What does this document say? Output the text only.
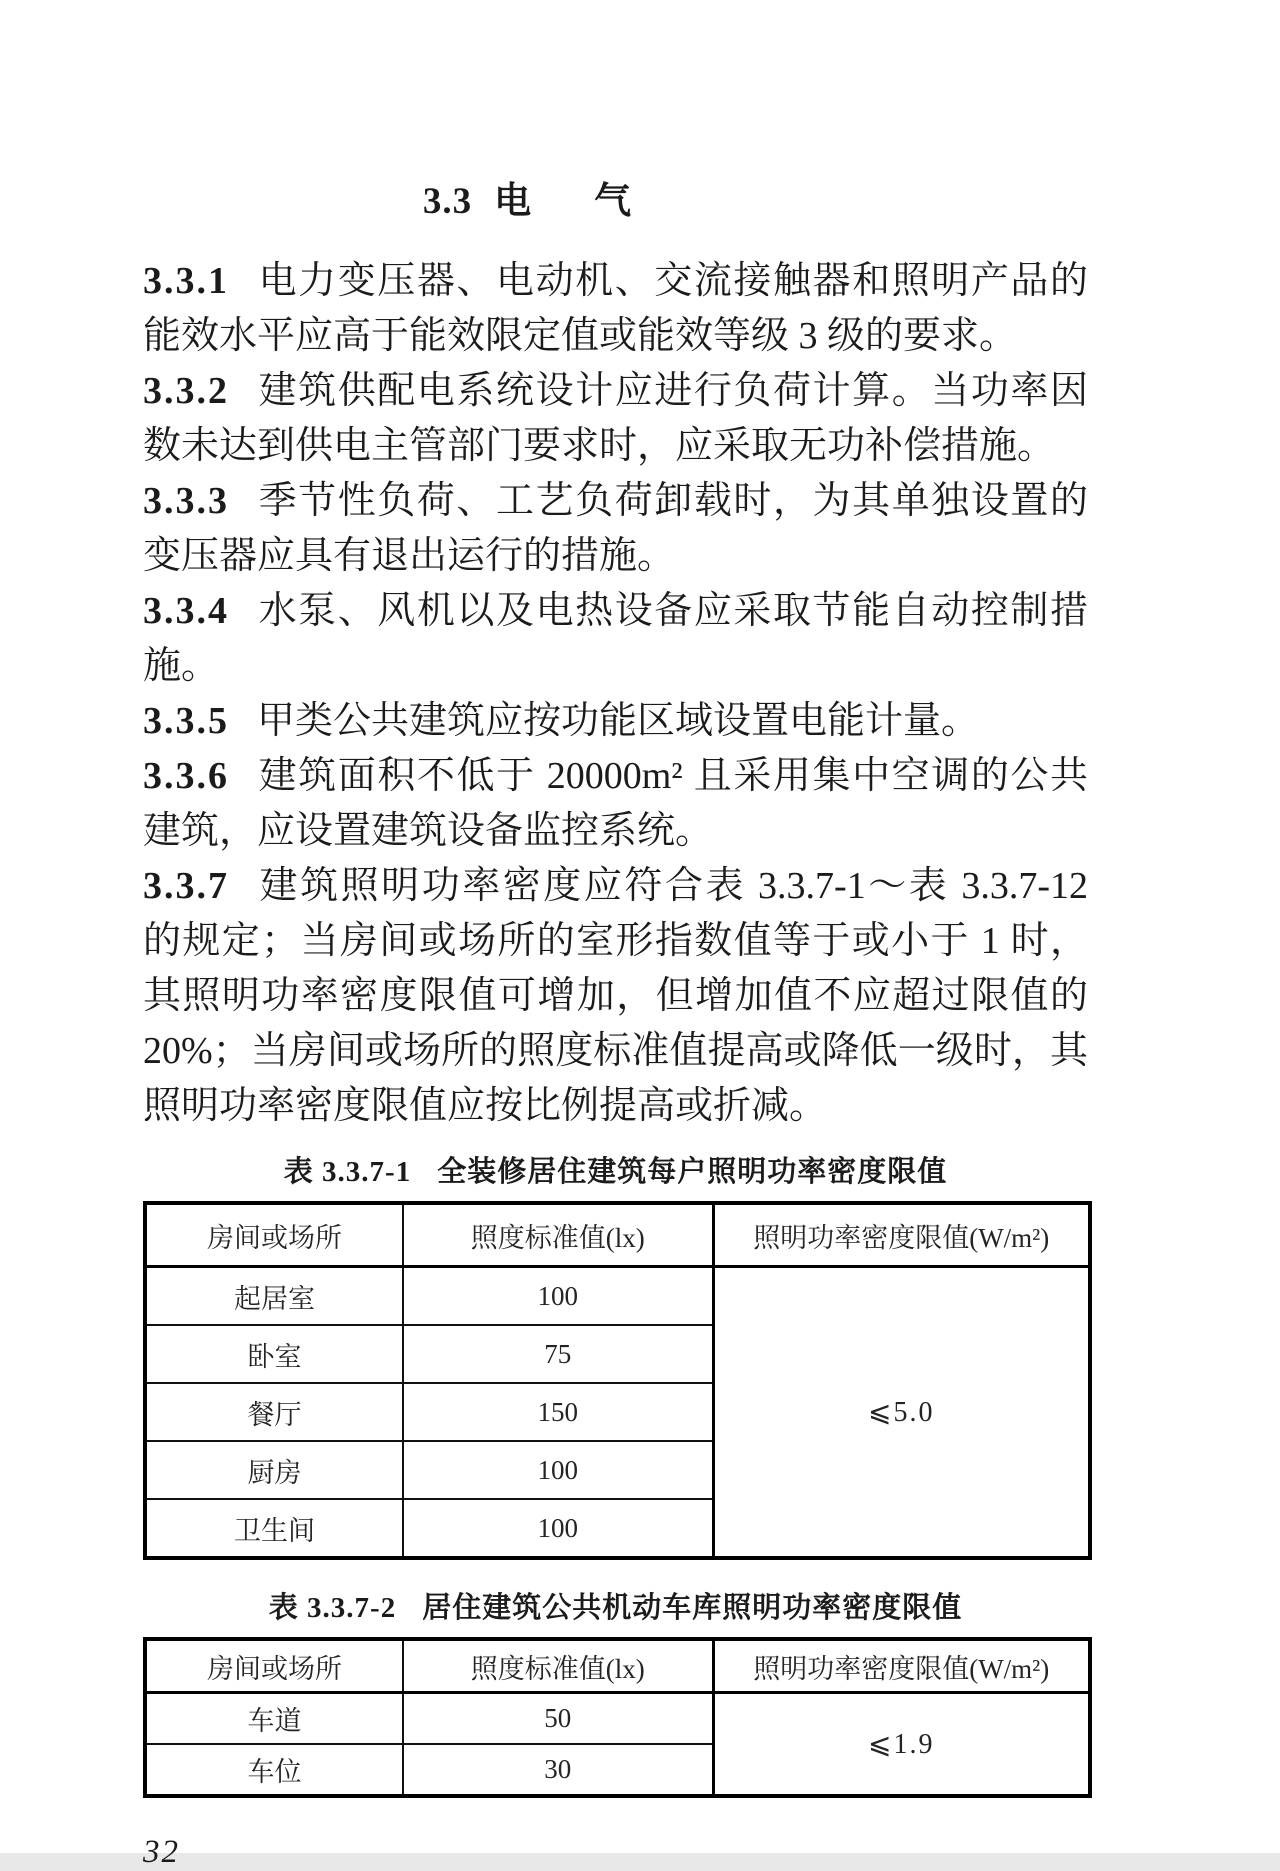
3.3 电 气

3.3.1 电力变压器、电动机、交流接触器和照明产品的能效水平应高于能效限定值或能效等级 3 级的要求。

3.3.2 建筑供配电系统设计应进行负荷计算。当功率因数未达到供电主管部门要求时，应采取无功补偿措施。

3.3.3 季节性负荷、工艺负荷卸载时，为其单独设置的变压器应具有退出运行的措施。

3.3.4 水泵、风机以及电热设备应采取节能自动控制措施。

3.3.5 甲类公共建筑应按功能区域设置电能计量。

3.3.6 建筑面积不低于 20000m² 且采用集中空调的公共建筑，应设置建筑设备监控系统。

3.3.7 建筑照明功率密度应符合表 3.3.7-1～表 3.3.7-12 的规定；当房间或场所的室形指数值等于或小于 1 时，其照明功率密度限值可增加，但增加值不应超过限值的 20%；当房间或场所的照度标准值提高或降低一级时，其照明功率密度限值应按比例提高或折减。

表 3.3.7-1 全装修居住建筑每户照明功率密度限值
房间或场所	照度标准值(lx)	照明功率密度限值(W/m²)
起居室	100	⩽5.0
卧室	75	
餐厅	150	
厨房	100	
卫生间	100	
表 3.3.7-2 居住建筑公共机动车库照明功率密度限值
房间或场所	照度标准值(lx)	照明功率密度限值(W/m²)
车道	50	⩽1.9
车位	30	
32
